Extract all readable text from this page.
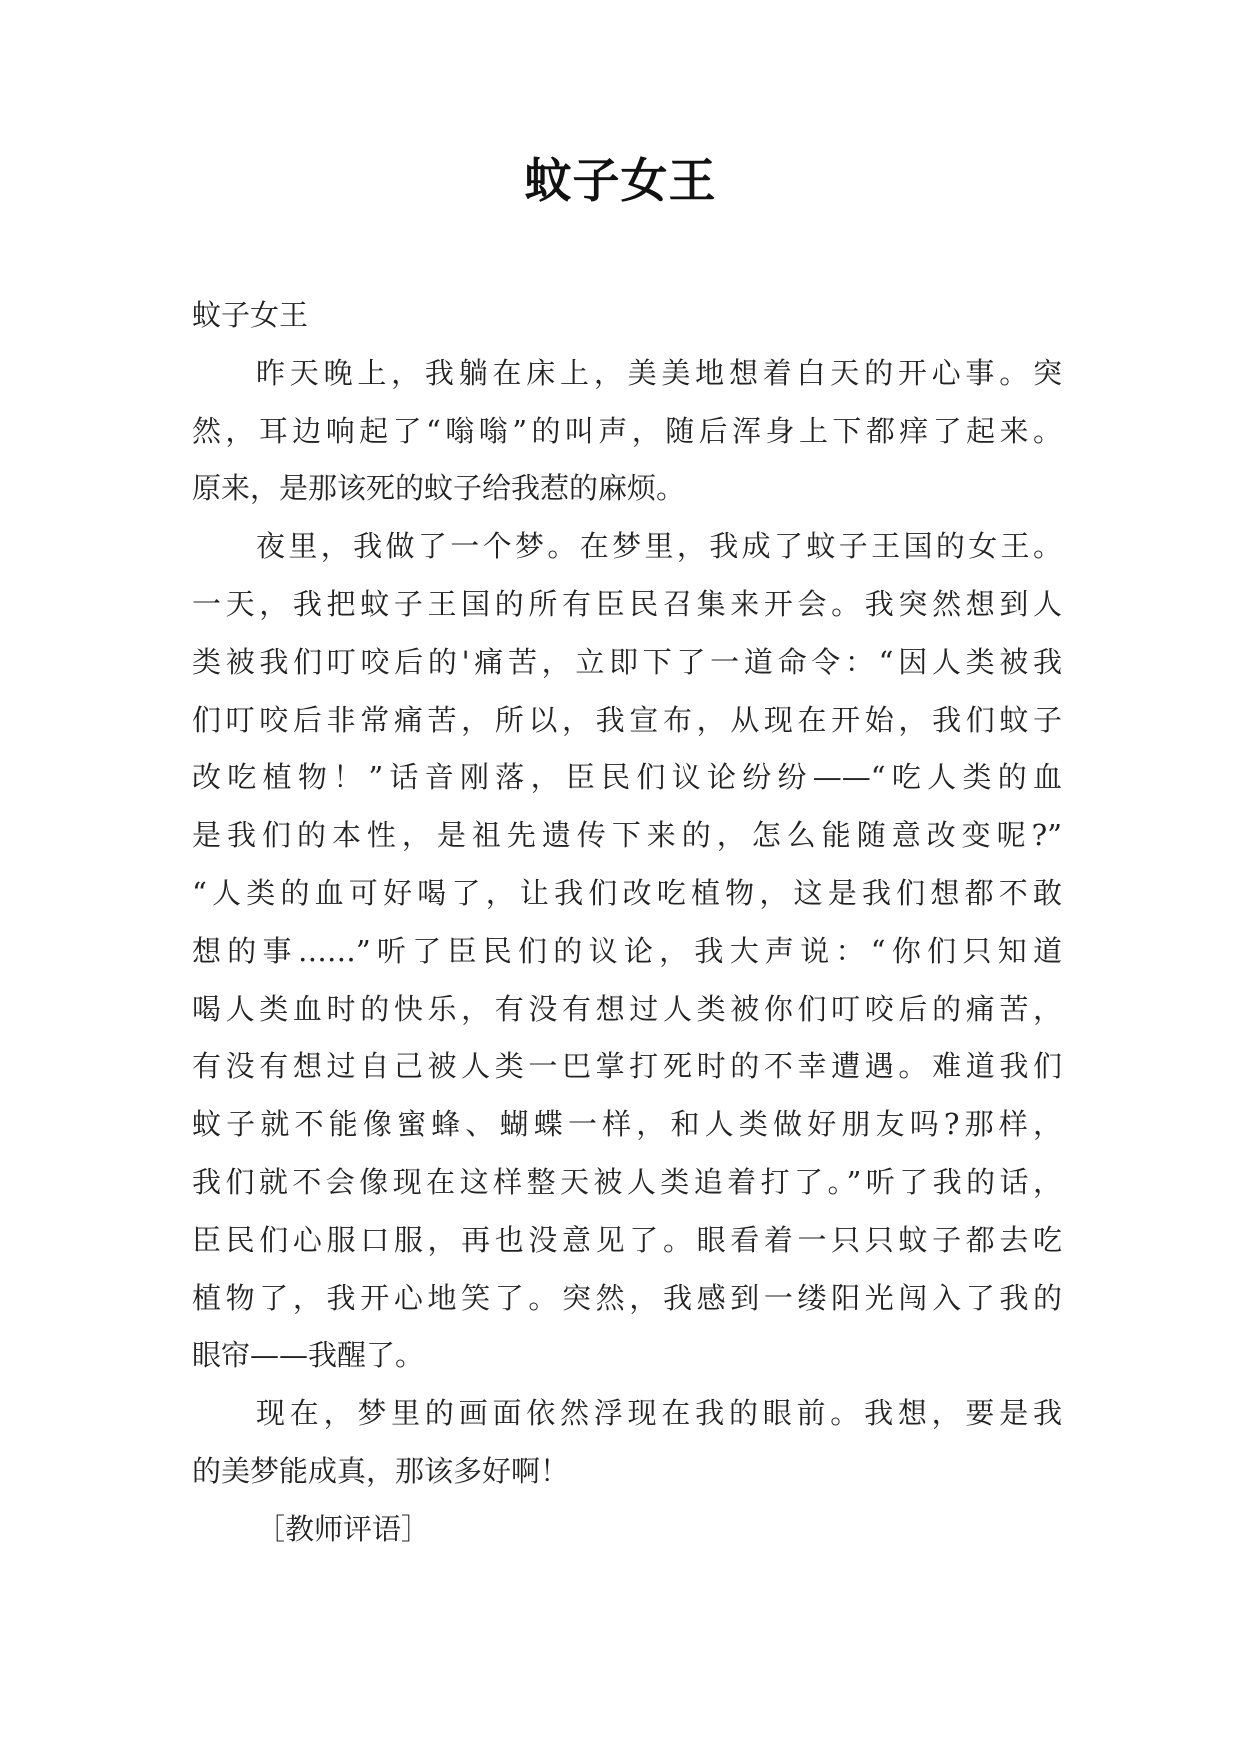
蚊子女王
蚊子女王
昨天晚上，我躺在床上，美美地想着白天的开心事。突
然，耳边响起了“嗡嗡”的叫声，随后浑身上下都痒了起来。
原来，是那该死的蚊子给我惹的麻烦。
夜里，我做了一个梦。在梦里，我成了蚊子王国的女王。
一天，我把蚊子王国的所有臣民召集来开会。我突然想到人
类被我们叮咬后的'痛苦，立即下了一道命令：“因人类被我
们叮咬后非常痛苦，所以，我宣布，从现在开始，我们蚊子
改吃植物！”话音刚落，臣民们议论纷纷——“吃人类的血
是我们的本性，是祖先遗传下来的，怎么能随意改变呢?”
“人类的血可好喝了，让我们改吃植物，这是我们想都不敢
想的事……”听了臣民们的议论，我大声说：“你们只知道
喝人类血时的快乐，有没有想过人类被你们叮咬后的痛苦，
有没有想过自己被人类一巴掌打死时的不幸遭遇。难道我们
蚊子就不能像蜜蜂、蝴蝶一样，和人类做好朋友吗?那样，
我们就不会像现在这样整天被人类追着打了。”听了我的话，
臣民们心服口服，再也没意见了。眼看着一只只蚊子都去吃
植物了，我开心地笑了。突然，我感到一缕阳光闯入了我的
眼帘——我醒了。
现在，梦里的画面依然浮现在我的眼前。我想，要是我
的美梦能成真，那该多好啊！
［教师评语］
